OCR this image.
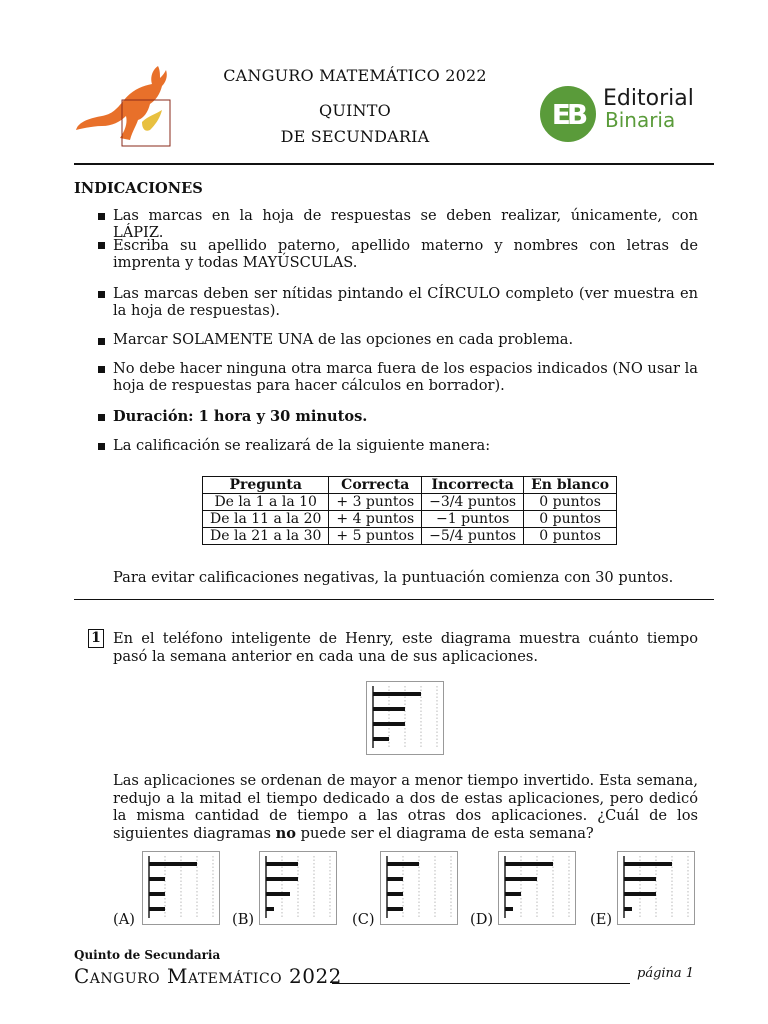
CANGURO MATEMÁTICO 2022
QUINTO
DE SECUNDARIA
EB Editorial
Binaria
INDICACIONES
Las marcas en la hoja de respuestas se deben realizar, únicamente, con LÁPIZ.
Escriba su apellido paterno, apellido materno y nombres con letras de imprenta y todas MAYÚSCULAS.
Las marcas deben ser nítidas pintando el CÍRCULO completo (ver muestra en la hoja de respuestas).
Marcar SOLAMENTE UNA de las opciones en cada problema.
No debe hacer ninguna otra marca fuera de los espacios indicados (NO usar la hoja de respuestas para hacer cálculos en borrador).
Duración: 1 hora y 30 minutos.
La calificación se realizará de la siguiente manera:
Pregunta	Correcta	Incorrecta	En blanco
De la 1 a la 10	+ 3 puntos	−3/4 puntos	0 puntos
De la 11 a la 20	+ 4 puntos	−1 puntos	0 puntos
De la 21 a la 30	+ 5 puntos	−5/4 puntos	0 puntos
Para evitar calificaciones negativas, la puntuación comienza con 30 puntos.
1 En el teléfono inteligente de Henry, este diagrama muestra cuánto tiempo pasó la semana anterior en cada una de sus aplicaciones.
Las aplicaciones se ordenan de mayor a menor tiempo invertido. Esta semana, redujo a la mitad el tiempo dedicado a dos de estas aplicaciones, pero dedicó la misma cantidad de tiempo a las otras dos aplicaciones. ¿Cuál de los siguientes diagramas no puede ser el diagrama de esta semana?
(A)	(B)	(C)	(D)	(E)
Quinto de Secundaria
Canguro Matemático 2022	página 1
